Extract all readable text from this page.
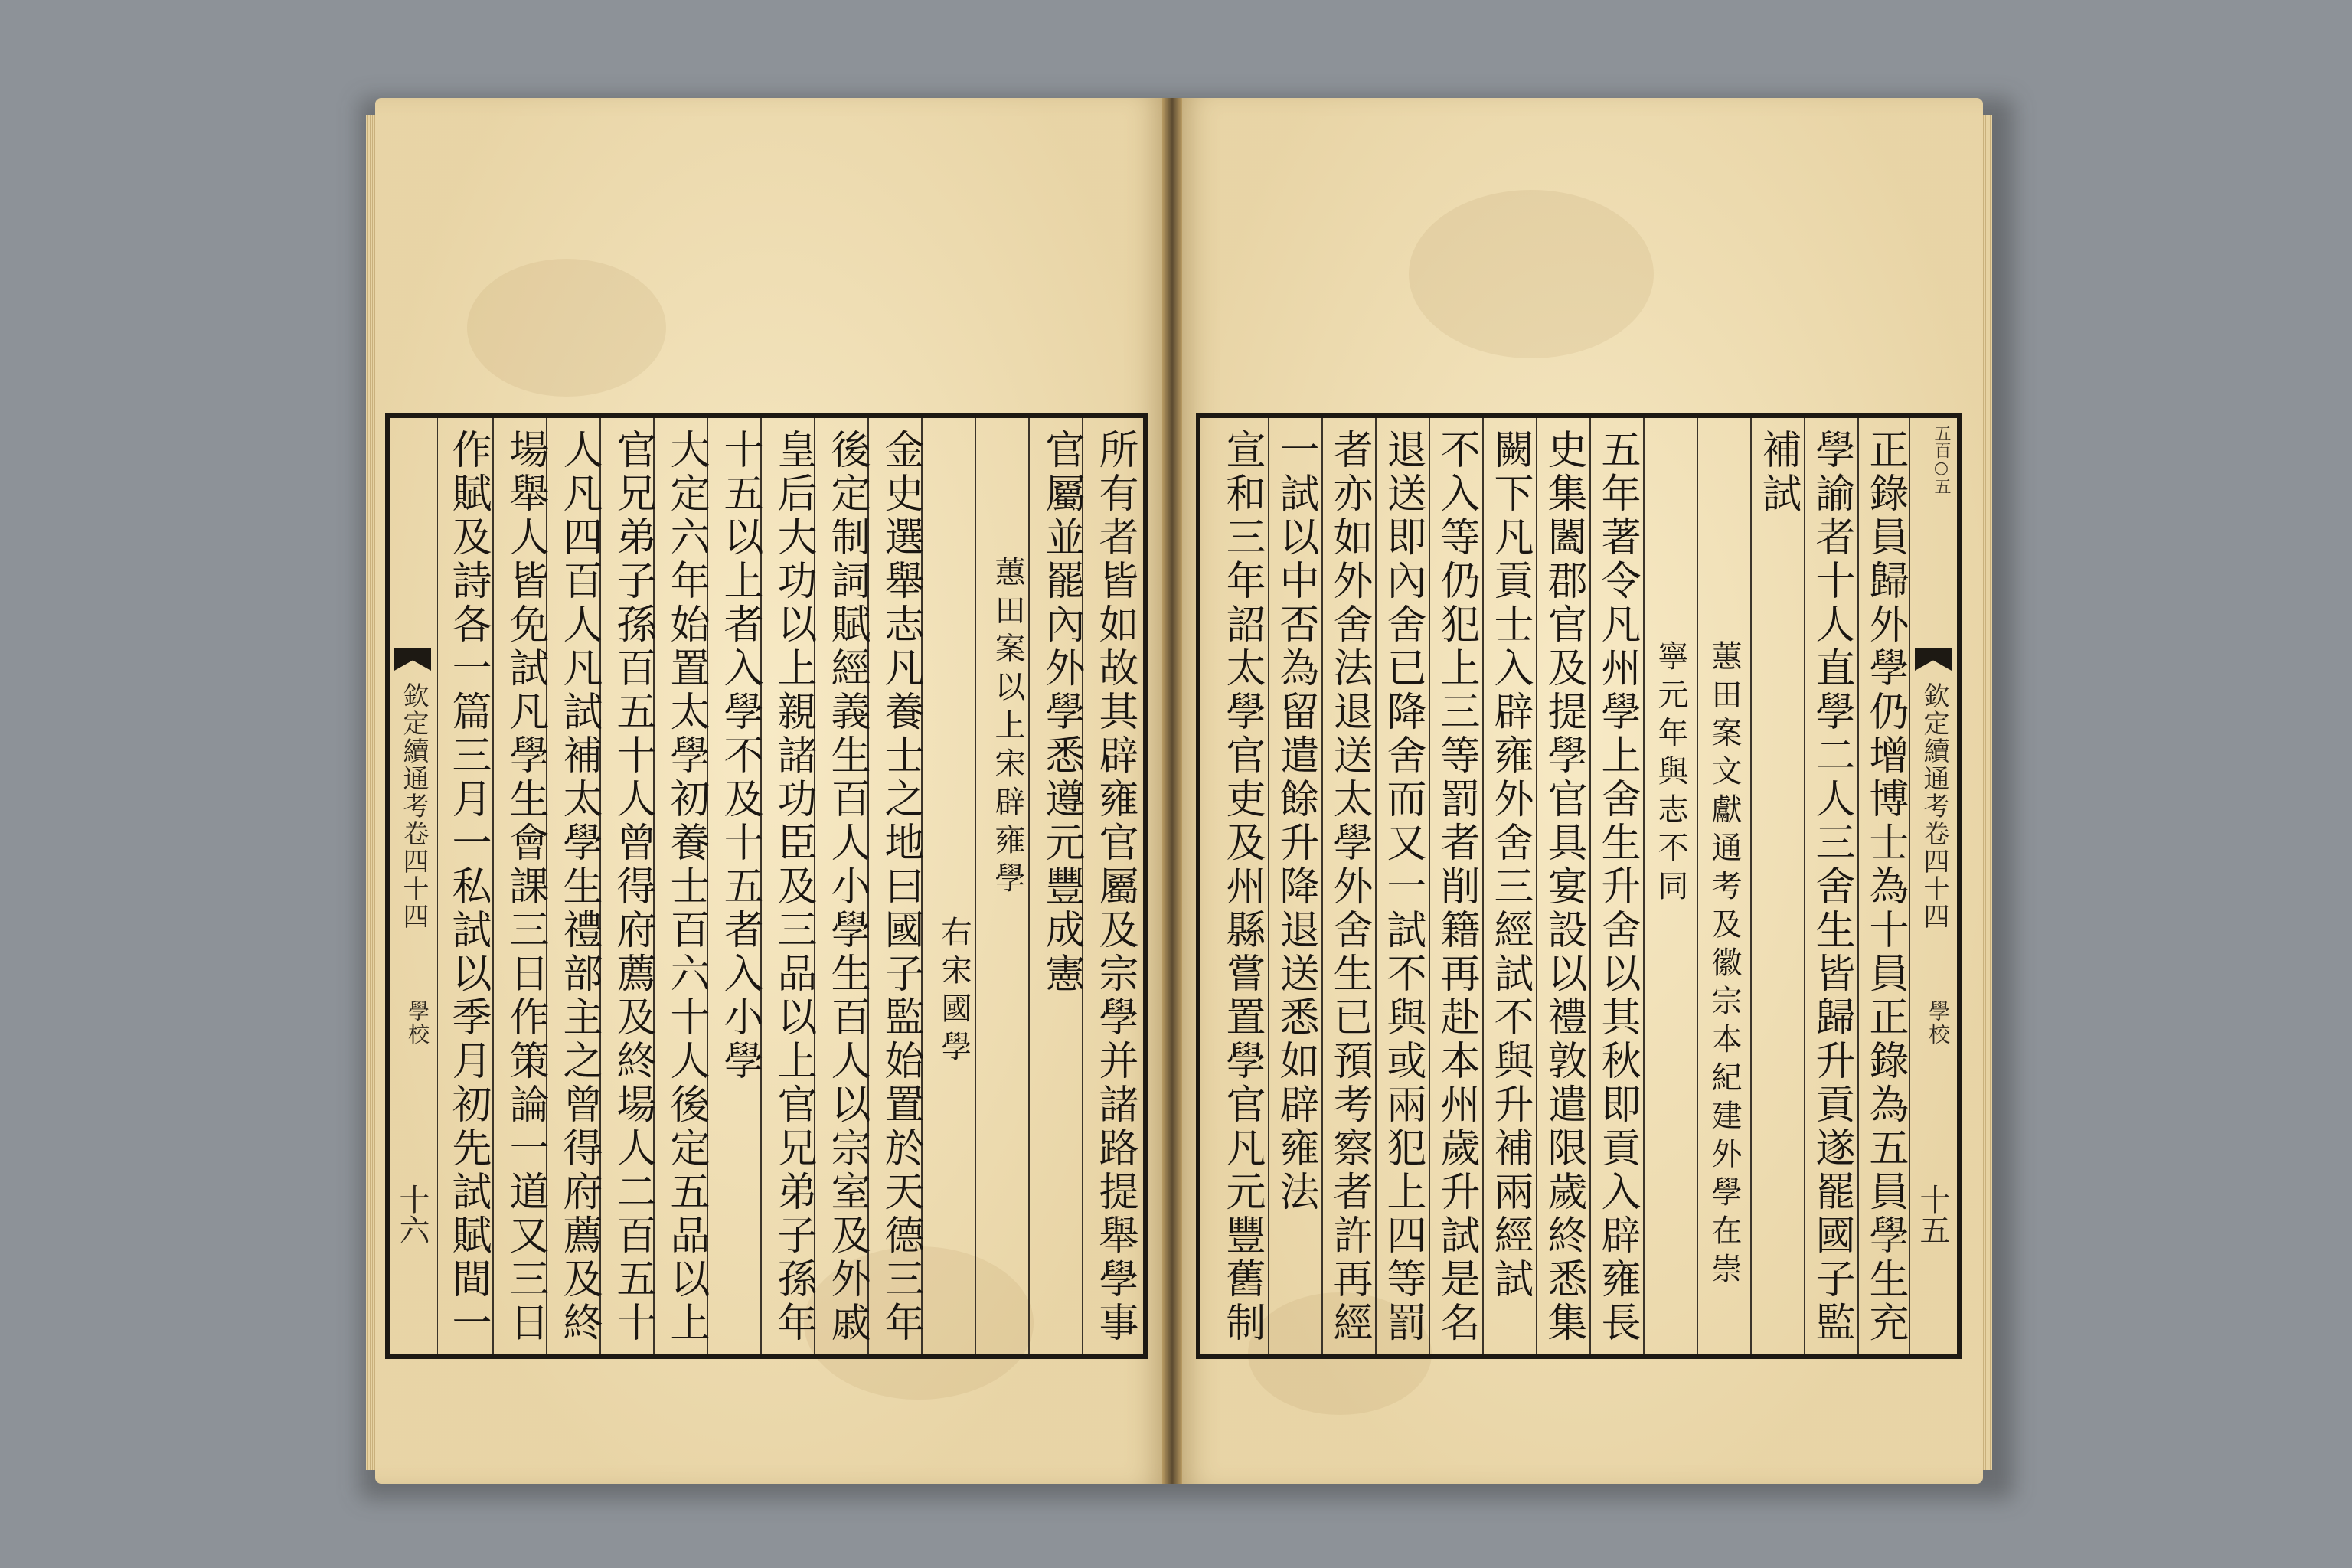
五百○五
欽定續通考卷四十四
學校
十六	所有者皆如故其辟雍官屬及宗學并諸路提舉學事
官屬並罷內外學悉遵元豐成憲
蕙田案以上宋辟雍學
右宋國學
金史選舉志凡養士之地曰國子監始置於天德三年
後定制詞賦經義生百人小學生百人以宗室及外戚
皇后大功以上親諸功臣及三品以上官兄弟子孫年
十五以上者入學不及十五者入小學
大定六年始置太學初養士百六十人後定五品以上
官兄弟子孫百五十人曾得府薦及終場人二百五十
人凡四百人凡試補太學生禮部主之曾得府薦及終
場舉人皆免試凡學生會課三日作策論一道又三日
作賦及詩各一篇三月一私試以季月初先試賦間一	欽定續通考卷四十四
學校
十五
正錄員歸外學仍增博士為十員正錄為五員學生充
學諭者十人直學二人三舍生皆歸升貢遂罷國子監
補試
蕙田案文獻通考及徽宗本紀建外學在崇
寧元年與志不同
五年著令凡州學上舍生升舍以其秋即貢入辟雍長
史集闔郡官及提學官具宴設以禮敦遣限歲終悉集
闕下凡貢士入辟雍外舍三經試不與升補兩經試
不入等仍犯上三等罰者削籍再赴本州歲升試是名
退送即內舍已降舍而又一試不與或兩犯上四等罰
者亦如外舍法退送太學外舍生已預考察者許再經
一試以中否為留遣餘升降退送悉如辟雍法
宣和三年詔太學官吏及州縣嘗置學官凡元豐舊制
